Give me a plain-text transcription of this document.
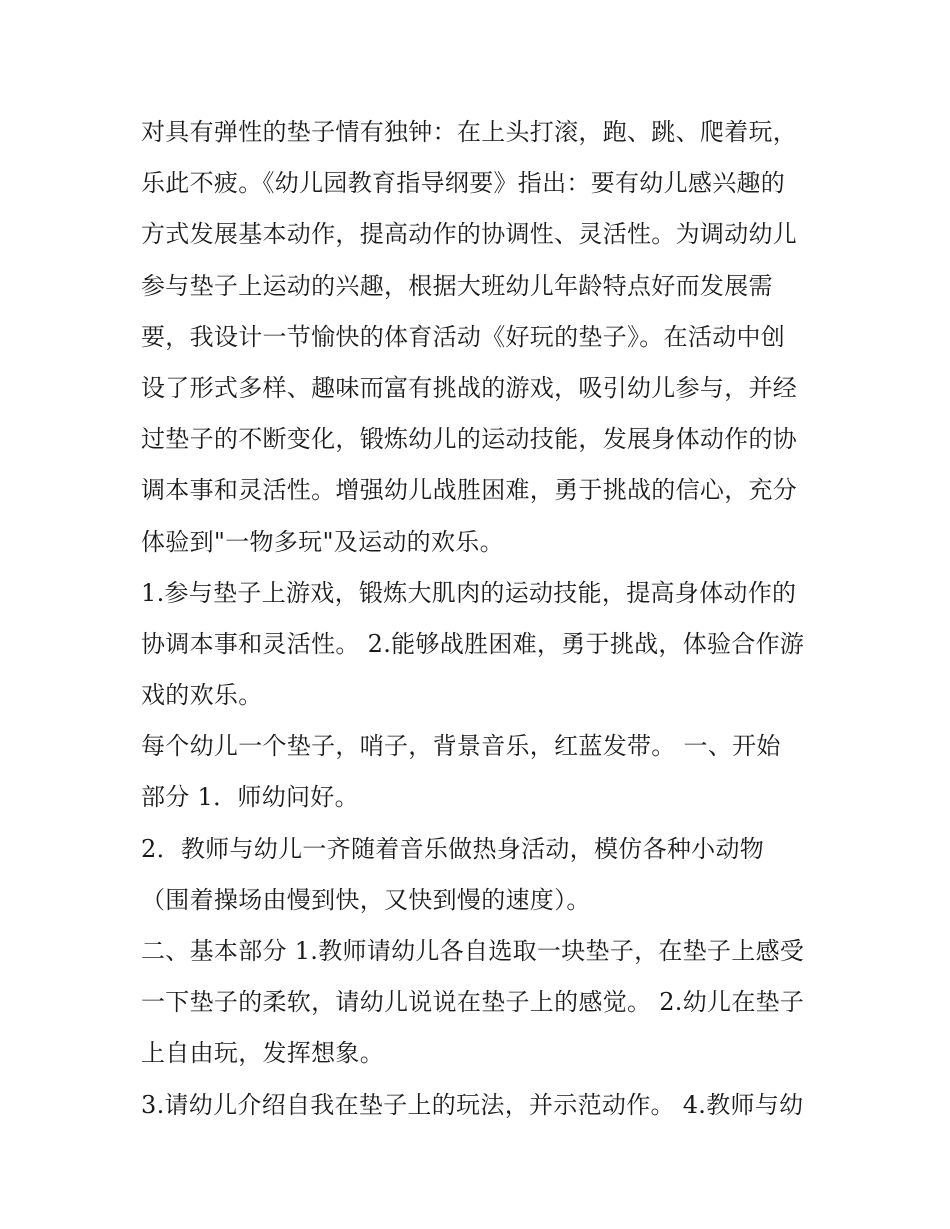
对具有弹性的垫子情有独钟：在上头打滚，跑、跳、爬着玩，
乐此不疲。《幼儿园教育指导纲要》指出：要有幼儿感兴趣的
方式发展基本动作，提高动作的协调性、灵活性。为调动幼儿
参与垫子上运动的兴趣，根据大班幼儿年龄特点好而发展需
要，我设计一节愉快的体育活动《好玩的垫子》。在活动中创
设了形式多样、趣味而富有挑战的游戏，吸引幼儿参与，并经
过垫子的不断变化，锻炼幼儿的运动技能，发展身体动作的协
调本事和灵活性。增强幼儿战胜困难，勇于挑战的信心，充分
体验到"一物多玩"及运动的欢乐。
1.参与垫子上游戏，锻炼大肌肉的运动技能，提高身体动作的
协调本事和灵活性。 2.能够战胜困难，勇于挑战，体验合作游
戏的欢乐。
每个幼儿一个垫子，哨子，背景音乐，红蓝发带。 一、开始
部分 1．师幼问好。
2．教师与幼儿一齐随着音乐做热身活动，模仿各种小动物
（围着操场由慢到快，又快到慢的速度）。
二、基本部分 1.教师请幼儿各自选取一块垫子，在垫子上感受
一下垫子的柔软，请幼儿说说在垫子上的感觉。 2.幼儿在垫子
上自由玩，发挥想象。
3.请幼儿介绍自我在垫子上的玩法，并示范动作。 4.教师与幼
